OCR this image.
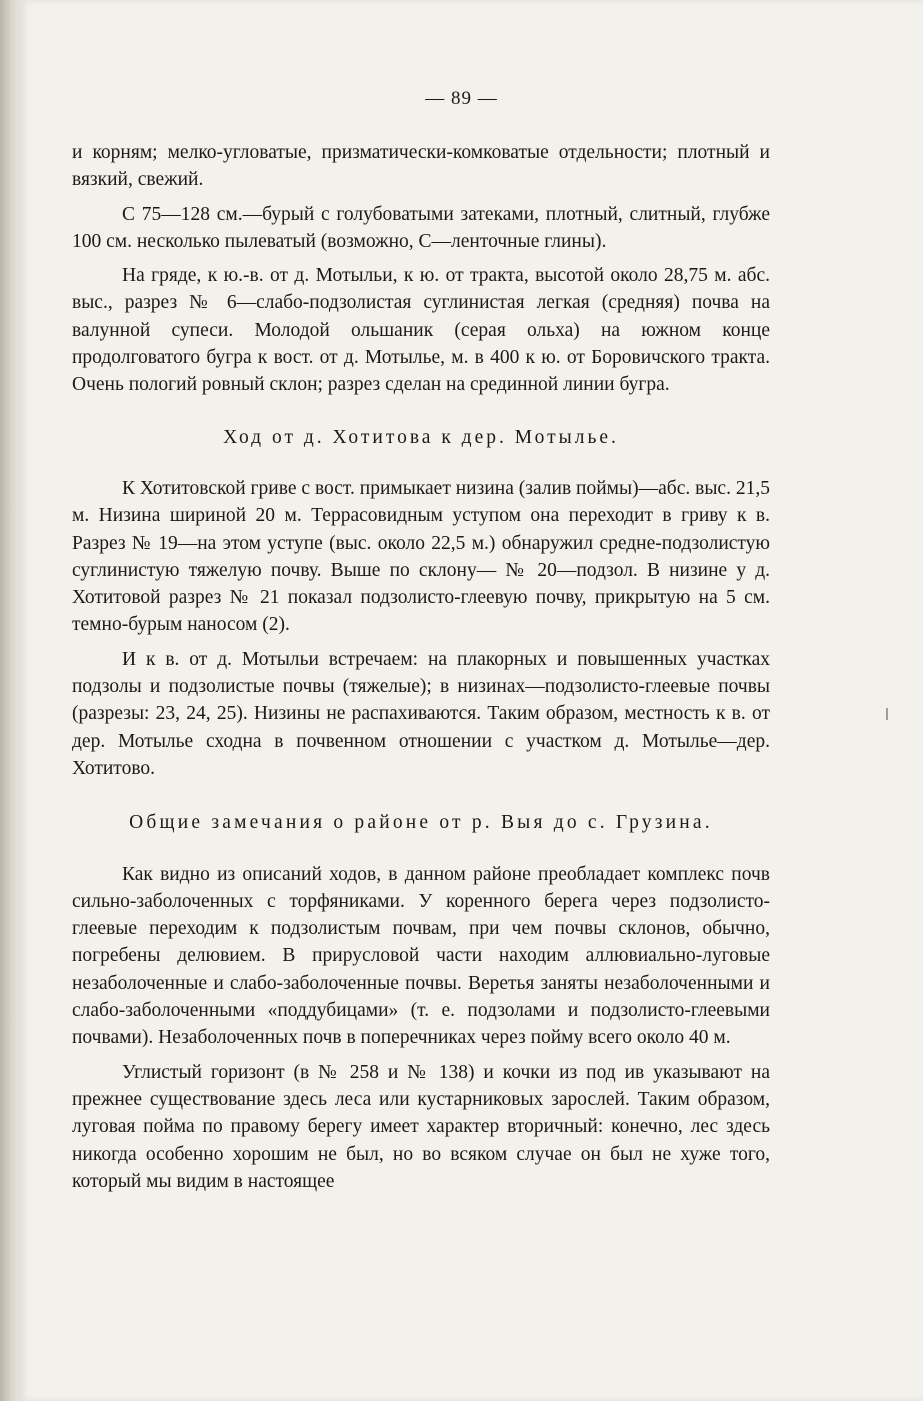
— 89 —

и корням; мелко-угловатые, призматически-комковатые отдельности; плотный и вязкий, свежий.

С 75—128 см.—бурый с голубоватыми затеками, плотный, слитный, глубже 100 см. несколько пылеватый (возможно, С—ленточные глины).

На гряде, к ю.-в. от д. Мотыльи, к ю. от тракта, высотой около 28,75 м. абс. выс., разрез № 6—слабо-подзолистая суглинистая легкая (средняя) почва на валунной супеси. Молодой ольшаник (серая ольха) на южном конце продолговатого бугра к вост. от д. Мотылье, м. в 400 к ю. от Боровичского тракта. Очень пологий ровный склон; разрез сделан на срединной линии бугра.

Ход от д. Хотитова к дер. Мотылье.

К Хотитовской гриве с вост. примыкает низина (залив поймы)—абс. выс. 21,5 м. Низина шириной 20 м. Террасовидным уступом она переходит в гриву к в. Разрез № 19—на этом уступе (выс. около 22,5 м.) обнаружил средне-подзолистую суглинистую тяжелую почву. Выше по склону— № 20—подзол. В низине у д. Хотитовой разрез № 21 показал подзолисто-глеевую почву, прикрытую на 5 см. темно-бурым наносом (2).

И к в. от д. Мотыльи встречаем: на плакорных и повышенных участках подзолы и подзолистые почвы (тяжелые); в низинах—подзолисто-глеевые почвы (разрезы: 23, 24, 25). Низины не распахиваются. Таким образом, местность к в. от дер. Мотылье сходна в почвенном отношении с участком д. Мотылье—дер. Хотитово.

Общие замечания о районе от р. Выя до с. Грузина.

Как видно из описаний ходов, в данном районе преобладает комплекс почв сильно-заболоченных с торфяниками. У коренного берега через подзолисто-глеевые переходим к подзолистым почвам, при чем почвы склонов, обычно, погребены делювием. В прирусловой части находим аллювиально-луговые незаболоченные и слабо-заболоченные почвы. Веретья заняты незаболоченными и слабо-заболоченными «поддубицами» (т. е. подзолами и подзолисто-глеевыми почвами). Незаболоченных почв в поперечниках через пойму всего около 40 м.

Углистый горизонт (в № 258 и № 138) и кочки из под ив указывают на прежнее существование здесь леса или кустарниковых зарослей. Таким образом, луговая пойма по правому берегу имеет характер вторичный: конечно, лес здесь никогда особенно хорошим не был, но во всяком случае он был не хуже того, который мы видим в настоящее
